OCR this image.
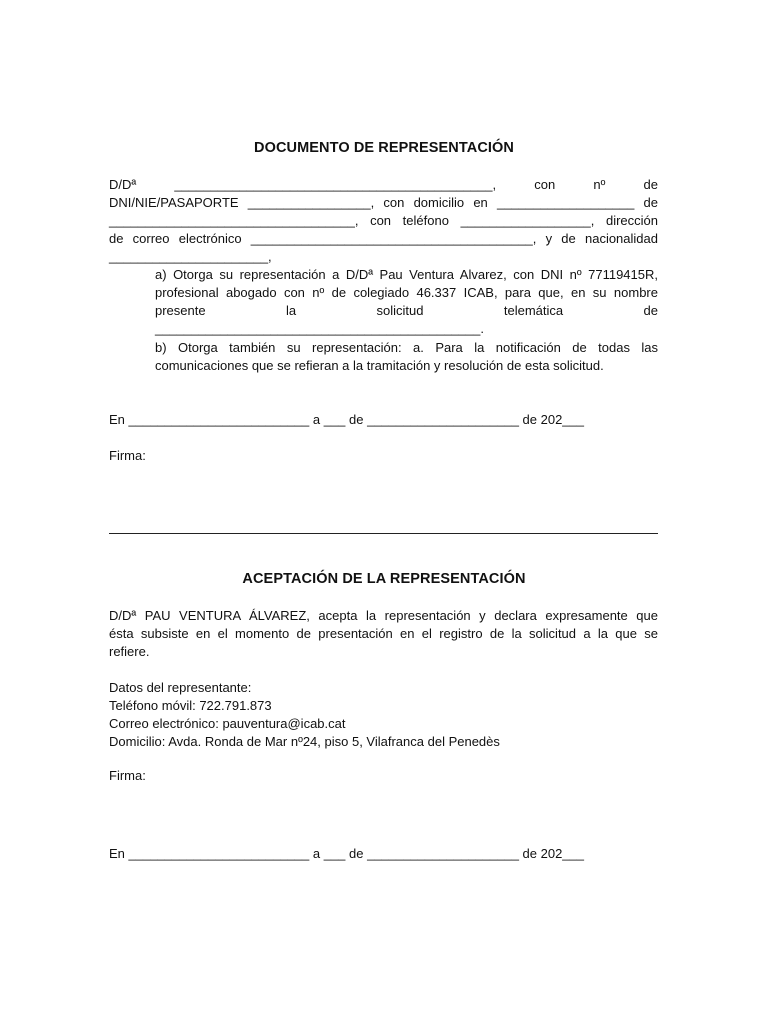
DOCUMENTO DE REPRESENTACIÓN
D/Dª ____________________________________________, con nº de
DNI/NIE/PASAPORTE _________________, con domicilio en ___________________ de
__________________________________, con teléfono __________________, dirección
de correo electrónico _______________________________________, y de nacionalidad
______________________,
a) Otorga su representación a D/Dª Pau Ventura Alvarez, con DNI nº 77119415R,
profesional abogado con nº de colegiado 46.337 ICAB, para que, en su nombre
presente la solicitud telemática de
_____________________________________________.
b) Otorga también su representación: a. Para la notificación de todas las
comunicaciones que se refieran a la tramitación y resolución de esta solicitud.
En _________________________ a ___ de _____________________ de 202___
Firma:
ACEPTACIÓN DE LA REPRESENTACIÓN
D/Dª PAU VENTURA ÁLVAREZ, acepta la representación y declara expresamente que
ésta subsiste en el momento de presentación en el registro de la solicitud a la que se
refiere.
Datos del representante:
Teléfono móvil: 722.791.873
Correo electrónico: pauventura@icab.cat
Domicilio: Avda. Ronda de Mar nº24, piso 5, Vilafranca del Penedès
Firma:
En _________________________ a ___ de _____________________ de 202___
